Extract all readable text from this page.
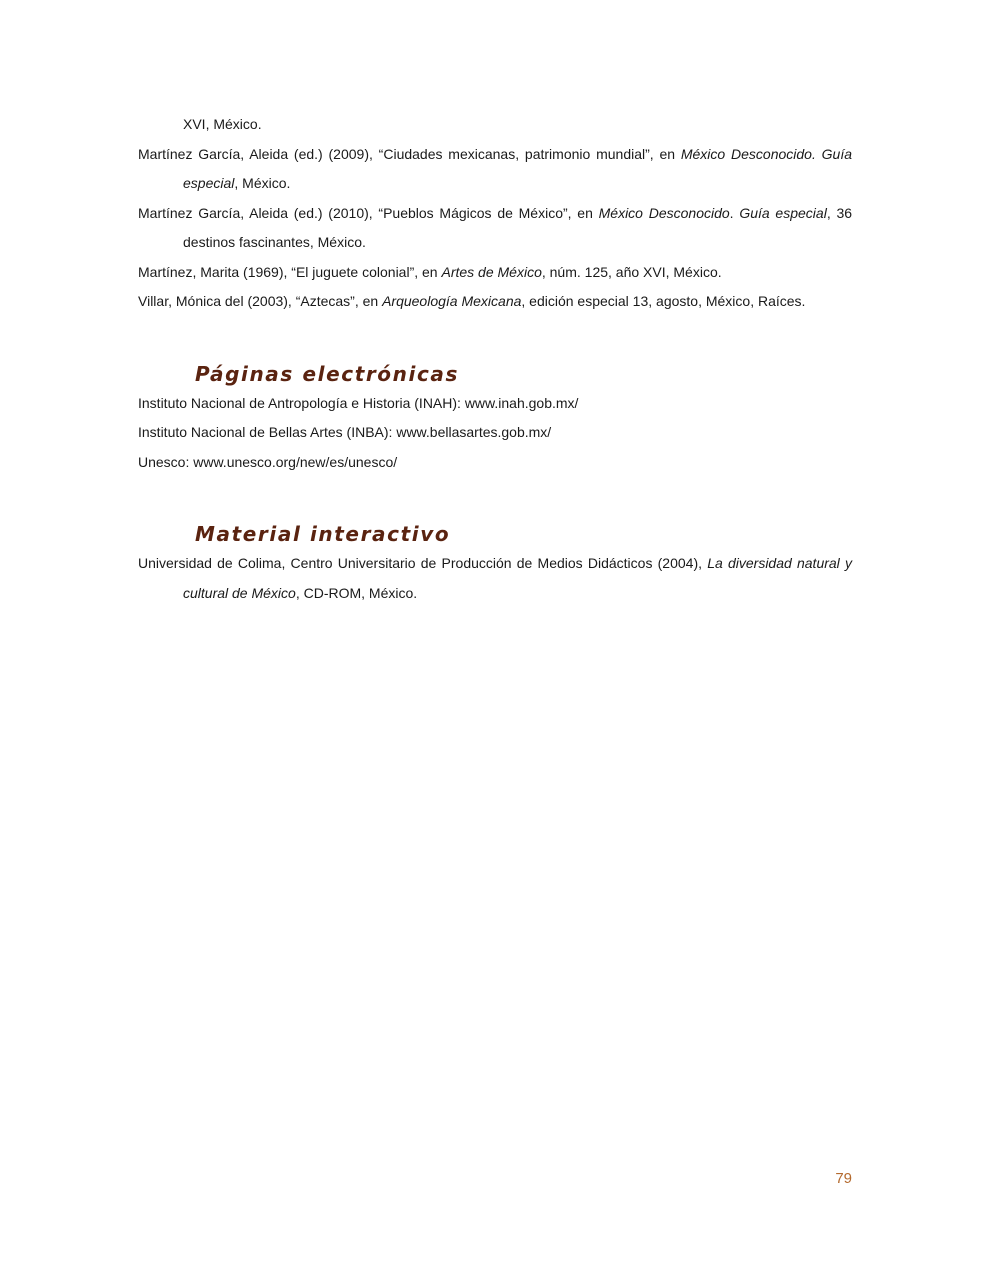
XVI, México.

Martínez García, Aleida (ed.) (2009), “Ciudades mexicanas, patrimonio mundial”, en México Desconocido. Guía especial, México.

Martínez García, Aleida (ed.) (2010), “Pueblos Mágicos de México”, en México Desconocido. Guía especial, 36 destinos fascinantes, México.

Martínez, Marita (1969), “El juguete colonial”, en Artes de México, núm. 125, año XVI, México.

Villar, Mónica del (2003), “Aztecas”, en Arqueología Mexicana, edición especial 13, agosto, México, Raíces.

Páginas electrónicas

Instituto Nacional de Antropología e Historia (INAH): www.inah.gob.mx/

Instituto Nacional de Bellas Artes (INBA): www.bellasartes.gob.mx/

Unesco: www.unesco.org/new/es/unesco/

Material interactivo

Universidad de Colima, Centro Universitario de Producción de Medios Didácticos (2004), La diversidad natural y cultural de México, CD-ROM, México.

79
